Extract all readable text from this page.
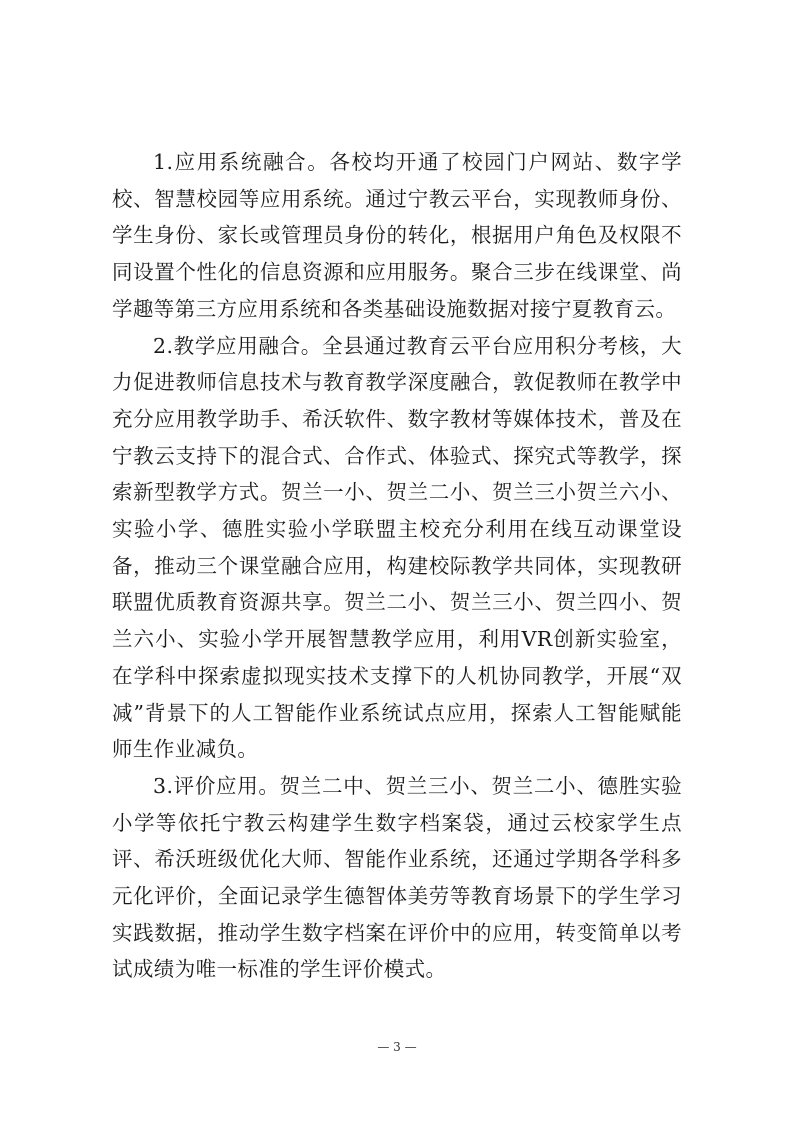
1.应用系统融合。各校均开通了校园门户网站、数字学校、智慧校园等应用系统。通过宁教云平台，实现教师身份、学生身份、家长或管理员身份的转化，根据用户角色及权限不同设置个性化的信息资源和应用服务。聚合三步在线课堂、尚学趣等第三方应用系统和各类基础设施数据对接宁夏教育云。

2.教学应用融合。全县通过教育云平台应用积分考核，大力促进教师信息技术与教育教学深度融合，敦促教师在教学中充分应用教学助手、希沃软件、数字教材等媒体技术，普及在宁教云支持下的混合式、合作式、体验式、探究式等教学，探索新型教学方式。贺兰一小、贺兰二小、贺兰三小贺兰六小、实验小学、德胜实验小学联盟主校充分利用在线互动课堂设备，推动三个课堂融合应用，构建校际教学共同体，实现教研联盟优质教育资源共享。贺兰二小、贺兰三小、贺兰四小、贺兰六小、实验小学开展智慧教学应用，利用VR创新实验室，在学科中探索虚拟现实技术支撑下的人机协同教学，开展“双减”背景下的人工智能作业系统试点应用，探索人工智能赋能师生作业减负。

3.评价应用。贺兰二中、贺兰三小、贺兰二小、德胜实验小学等依托宁教云构建学生数字档案袋，通过云校家学生点评、希沃班级优化大师、智能作业系统，还通过学期各学科多元化评价，全面记录学生德智体美劳等教育场景下的学生学习实践数据，推动学生数字档案在评价中的应用，转变简单以考试成绩为唯一标准的学生评价模式。

— 3 —
